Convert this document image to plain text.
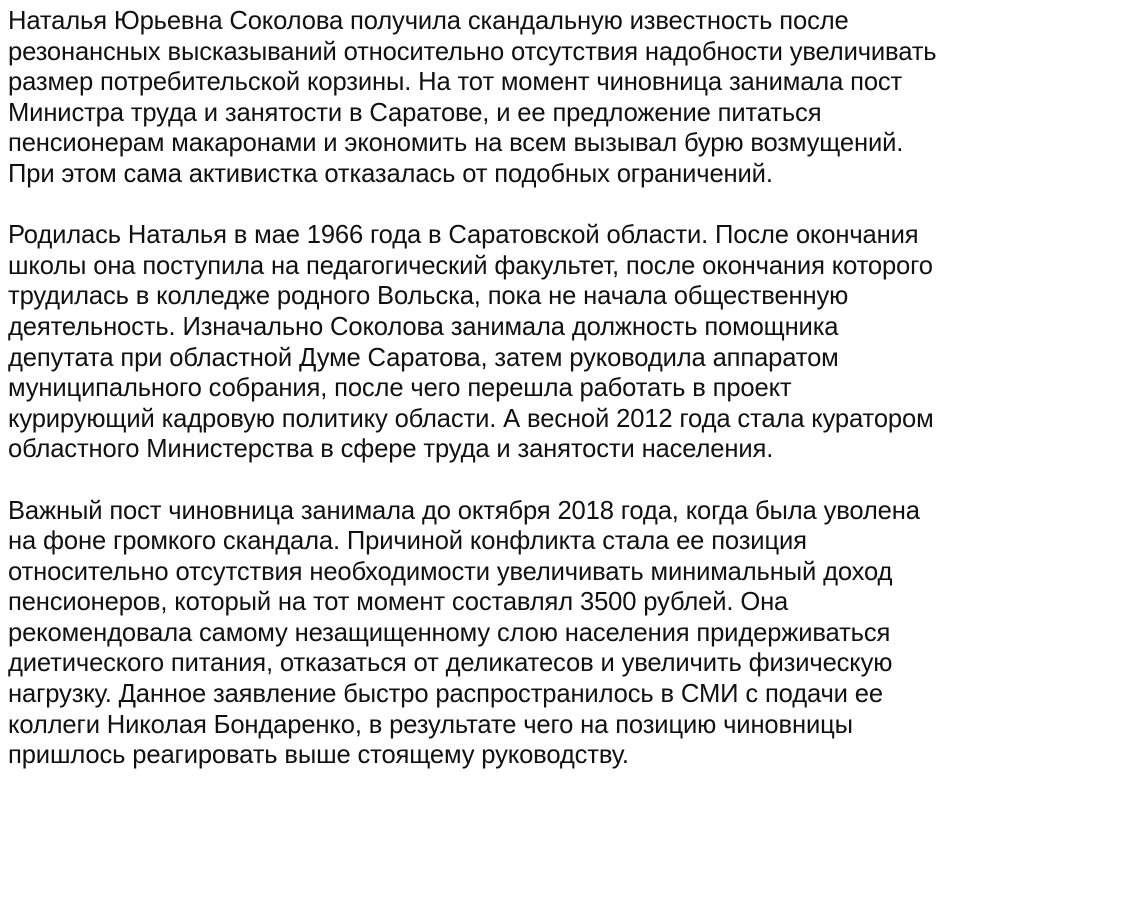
Наталья Юрьевна Соколова получила скандальную известность после
резонансных высказываний относительно отсутствия надобности увеличивать
размер потребительской корзины. На тот момент чиновница занимала пост
Министра труда и занятости в Саратове, и ее предложение питаться
пенсионерам макаронами и экономить на всем вызывал бурю возмущений.
При этом сама активистка отказалась от подобных ограничений.

Родилась Наталья в мае 1966 года в Саратовской области. После окончания
школы она поступила на педагогический факультет, после окончания которого
трудилась в колледже родного Вольска, пока не начала общественную
деятельность. Изначально Соколова занимала должность помощника
депутата при областной Думе Саратова, затем руководила аппаратом
муниципального собрания, после чего перешла работать в проект
курирующий кадровую политику области. А весной 2012 года стала куратором
областного Министерства в сфере труда и занятости населения.

Важный пост чиновница занимала до октября 2018 года, когда была уволена
на фоне громкого скандала. Причиной конфликта стала ее позиция
относительно отсутствия необходимости увеличивать минимальный доход
пенсионеров, который на тот момент составлял 3500 рублей. Она
рекомендовала самому незащищенному слою населения придерживаться
диетического питания, отказаться от деликатесов и увеличить физическую
нагрузку. Данное заявление быстро распространилось в СМИ с подачи ее
коллеги Николая Бондаренко, в результате чего на позицию чиновницы
пришлось реагировать выше стоящему руководству.
